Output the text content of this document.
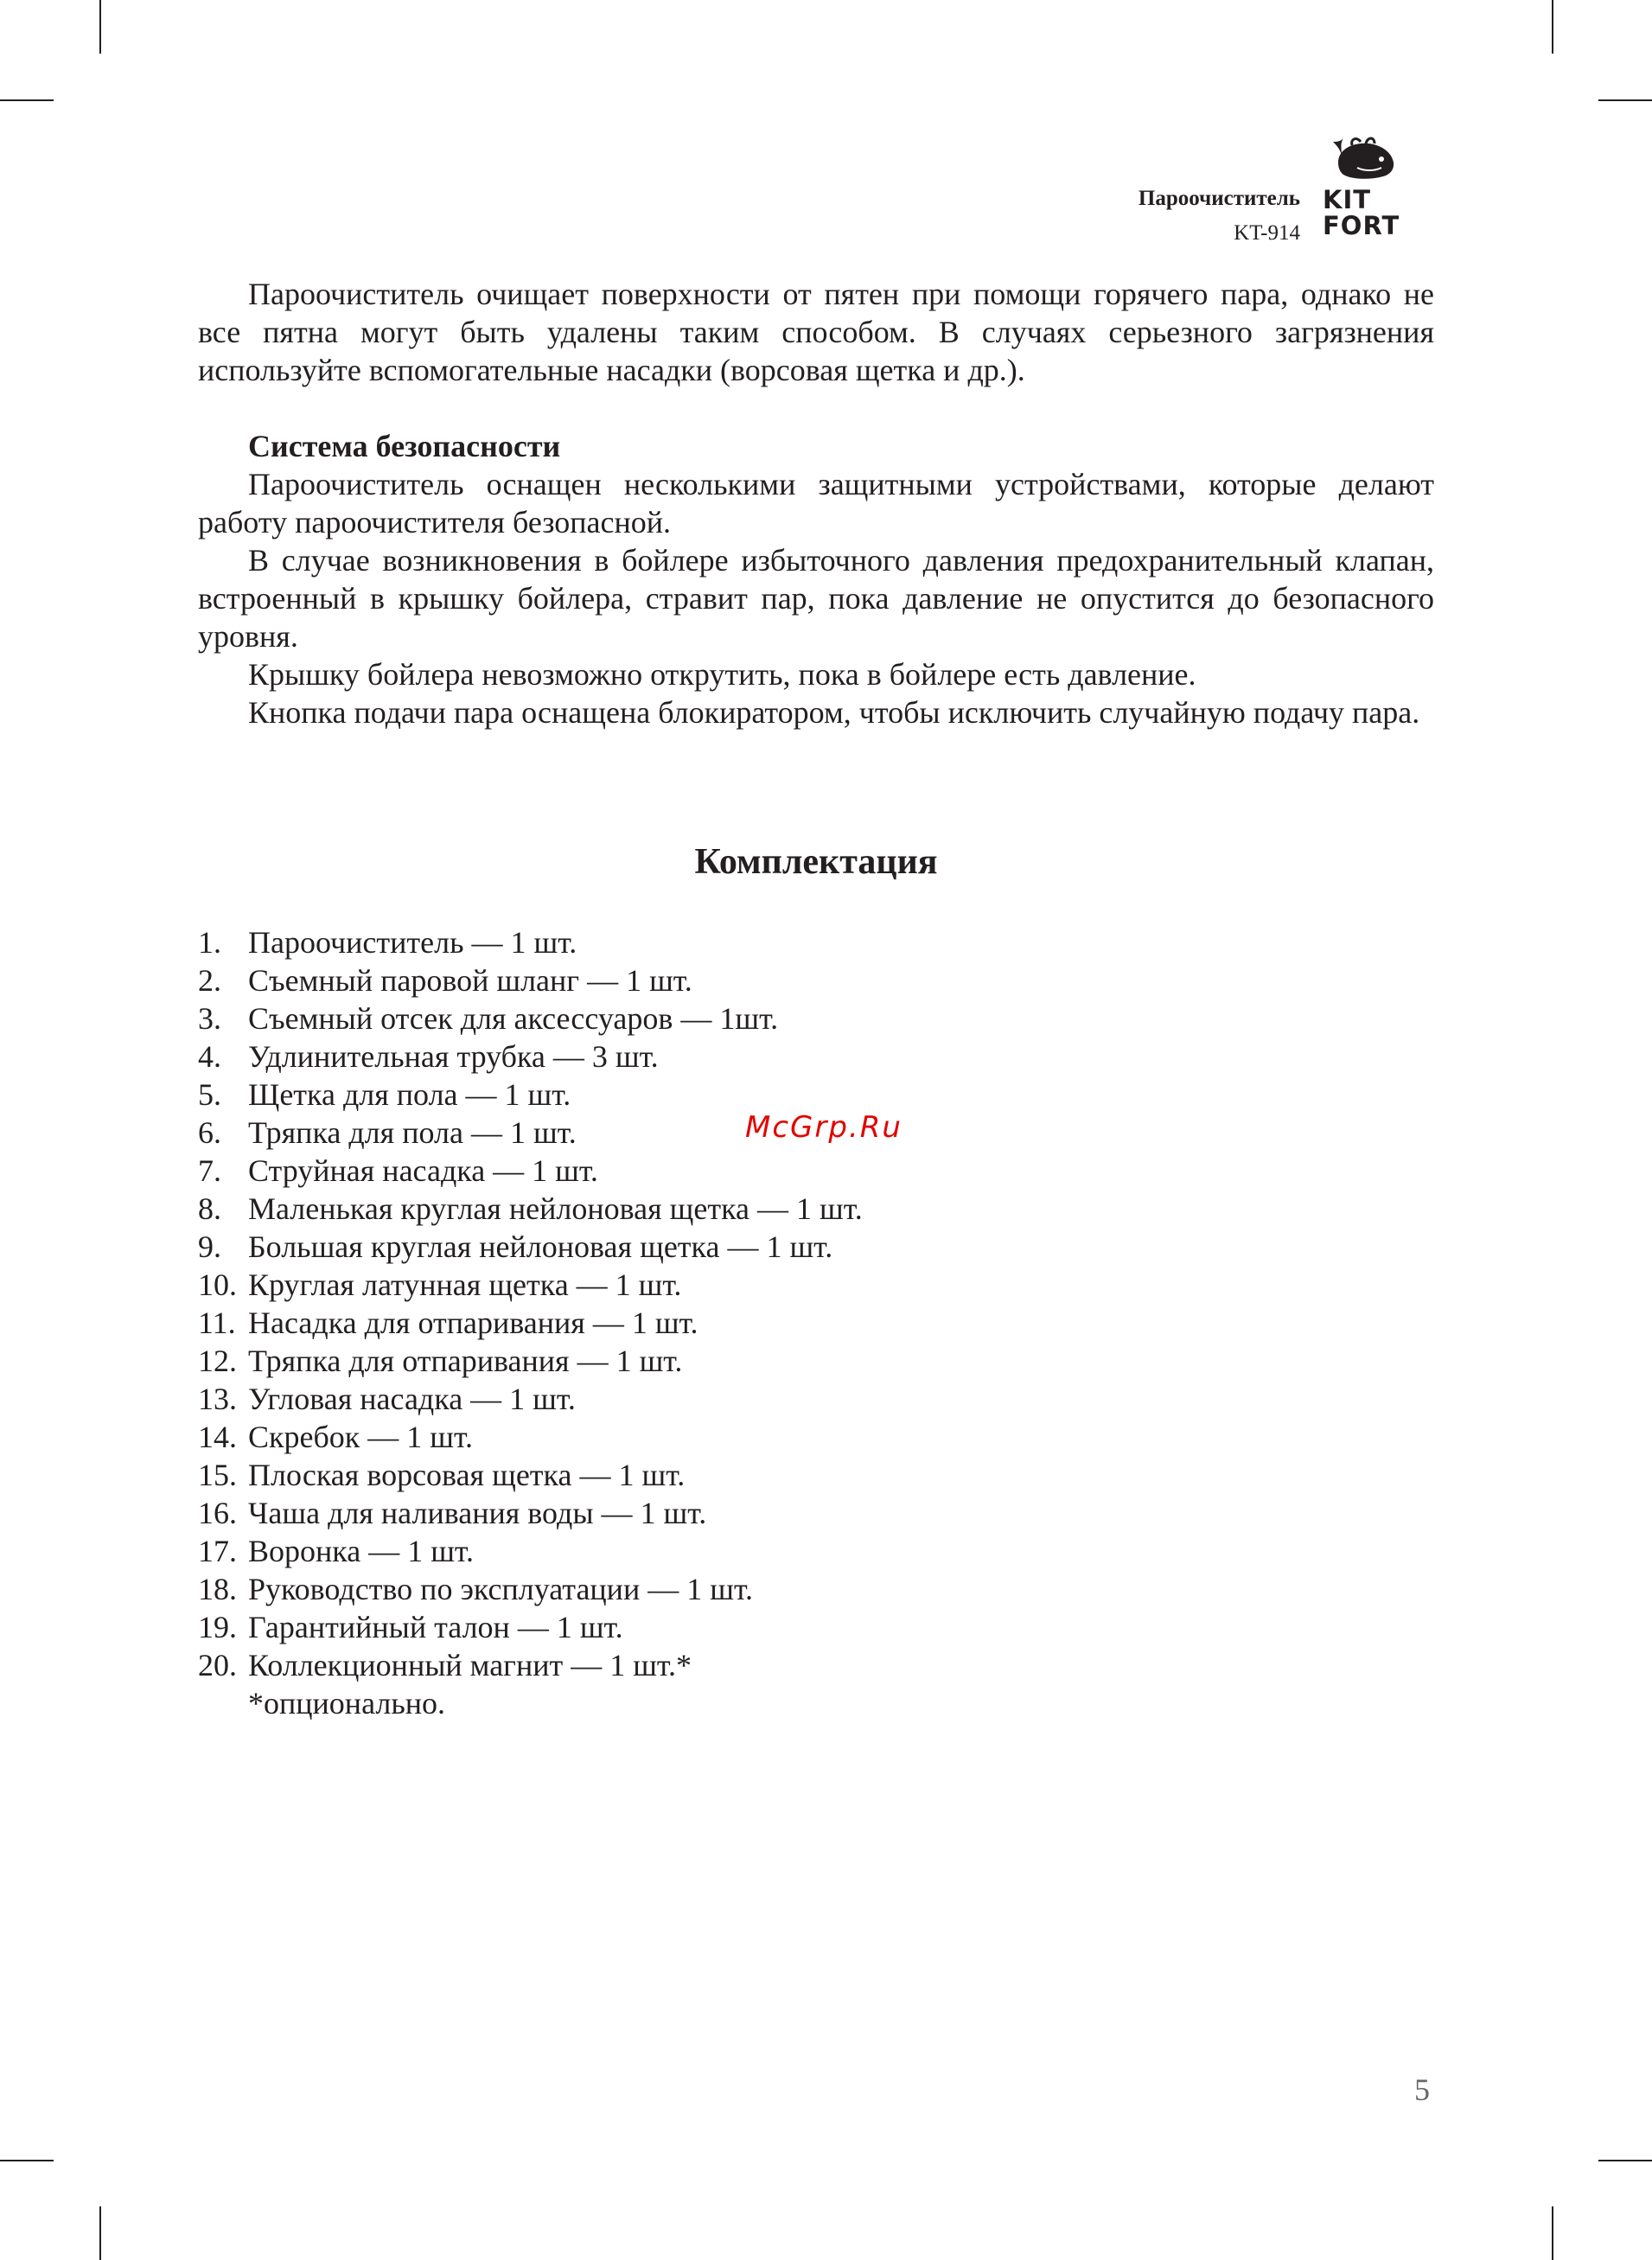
Пароочиститель
KT-914
KIT
FORT

Пароочиститель очищает поверхности от пятен при помощи горячего пара, однако не все пятна могут быть удалены таким способом. В случаях серьезного загрязнения используйте вспомогательные насадки (ворсовая щетка и др.).

Система безопасности

Пароочиститель оснащен несколькими защитными устройствами, которые делают работу пароочистителя безопасной.

В случае возникновения в бойлере избыточного давления предохранительный клапан, встроенный в крышку бойлера, стравит пар, пока давление не опустится до безопасного уровня.

Крышку бойлера невозможно открутить, пока в бойлере есть давление.

Кнопка подачи пара оснащена блокиратором, чтобы исключить случайную подачу пара.

Комплектация
1. Пароочиститель — 1 шт.
2. Съемный паровой шланг — 1 шт.
3. Съемный отсек для аксессуаров — 1шт.
4. Удлинительная трубка — 3 шт.
5. Щетка для пола — 1 шт.
6. Тряпка для пола — 1 шт.
7. Струйная насадка — 1 шт.
8. Маленькая круглая нейлоновая щетка — 1 шт.
9. Большая круглая нейлоновая щетка — 1 шт.
10. Круглая латунная щетка — 1 шт.
11. Насадка для отпаривания — 1 шт.
12. Тряпка для отпаривания — 1 шт.
13. Угловая насадка — 1 шт.
14. Скребок — 1 шт.
15. Плоская ворсовая щетка — 1 шт.
16. Чаша для наливания воды — 1 шт.
17. Воронка — 1 шт.
18. Руководство по эксплуатации — 1 шт.
19. Гарантийный талон — 1 шт.
20. Коллекционный магнит — 1 шт.*
*опционально.
McGrp.Ru
5
